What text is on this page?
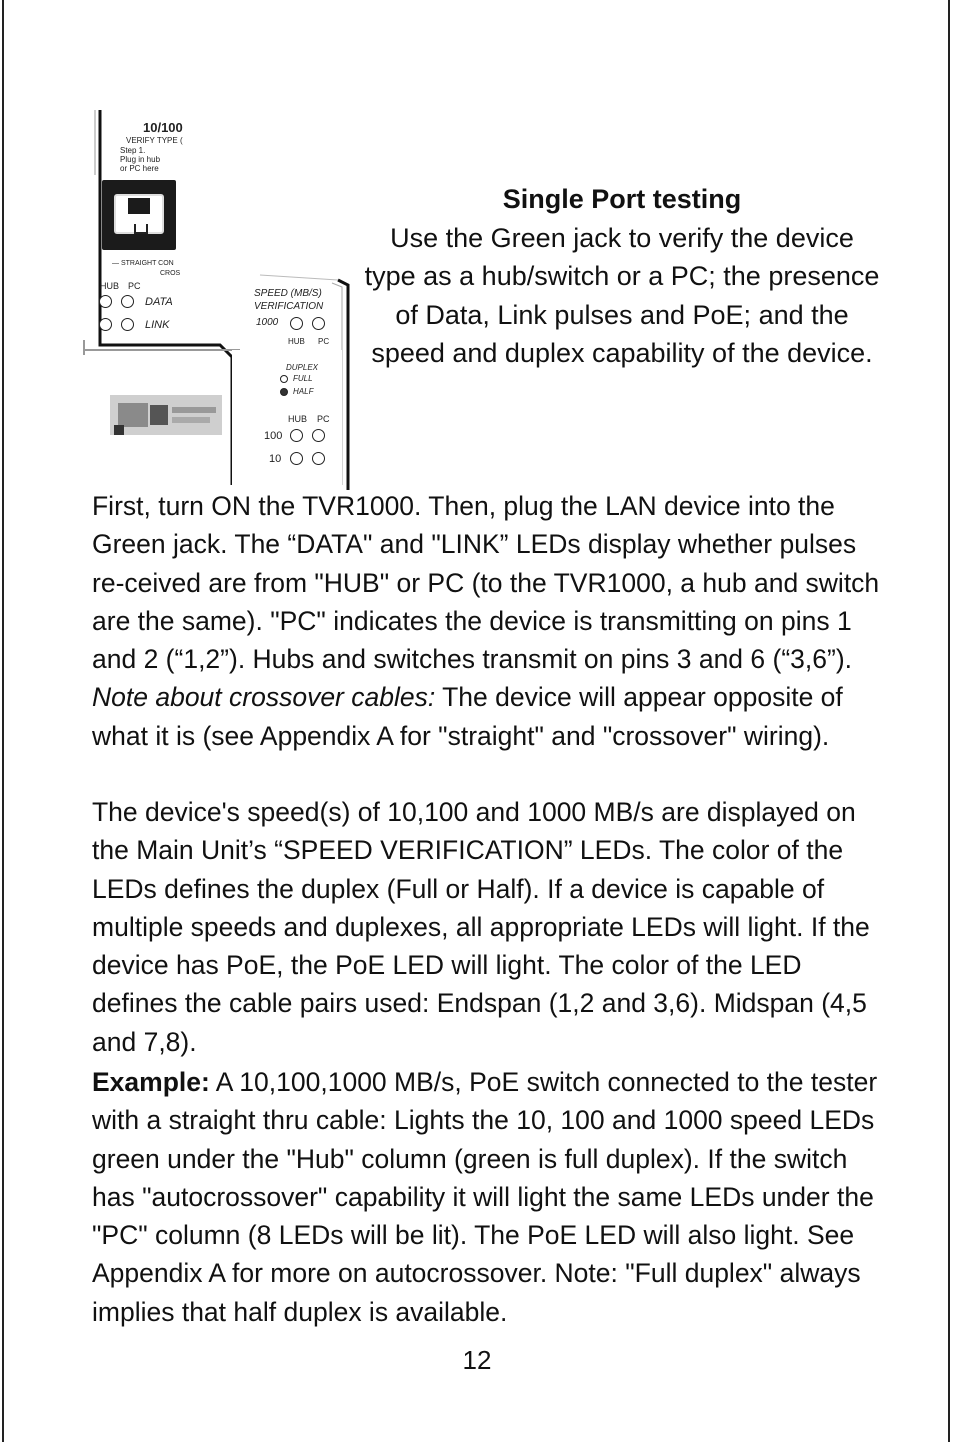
10/100
VERIFY TYPE (
Step 1.
Plug in hub
or PC here
— STRAIGHT CON
CROS
HUB PC
DATA
LINK
SPEED (MB/S)
VERIFICATION
1000
HUB PC
DUPLEX
FULL
HALF
HUB PC
100
10
Single Port testing

Use the Green jack to verify the device type as a hub/switch or a PC; the presence of Data, Link pulses and PoE; and the speed and duplex capability of the device.

First, turn ON the TVR1000. Then, plug the LAN device into the Green jack. The “DATA" and "LINK” LEDs display whether pulses re-ceived are from "HUB" or PC (to the TVR1000, a hub and switch are the same). "PC" indicates the device is transmitting on pins 1 and 2 (“1,2”). Hubs and switches transmit on pins 3 and 6 (“3,6”). Note about crossover cables: The device will appear opposite of what it is (see Appendix A for "straight" and "crossover" wiring).

The device's speed(s) of 10,100 and 1000 MB/s are displayed on the Main Unit’s “SPEED VERIFICATION” LEDs. The color of the LEDs defines the duplex (Full or Half). If a device is capable of multiple speeds and duplexes, all appropriate LEDs will light. If the device has PoE, the PoE LED will light. The color of the LED defines the cable pairs used: Endspan (1,2 and 3,6). Midspan (4,5 and 7,8).

Example: A 10,100,1000 MB/s, PoE switch connected to the tester with a straight thru cable: Lights the 10, 100 and 1000 speed LEDs green under the "Hub" column (green is full duplex). If the switch has "autocrossover" capability it will light the same LEDs under the "PC" column (8 LEDs will be lit). The PoE LED will also light. See Appendix A for more on autocrossover. Note: "Full duplex" always implies that half duplex is available.

12
